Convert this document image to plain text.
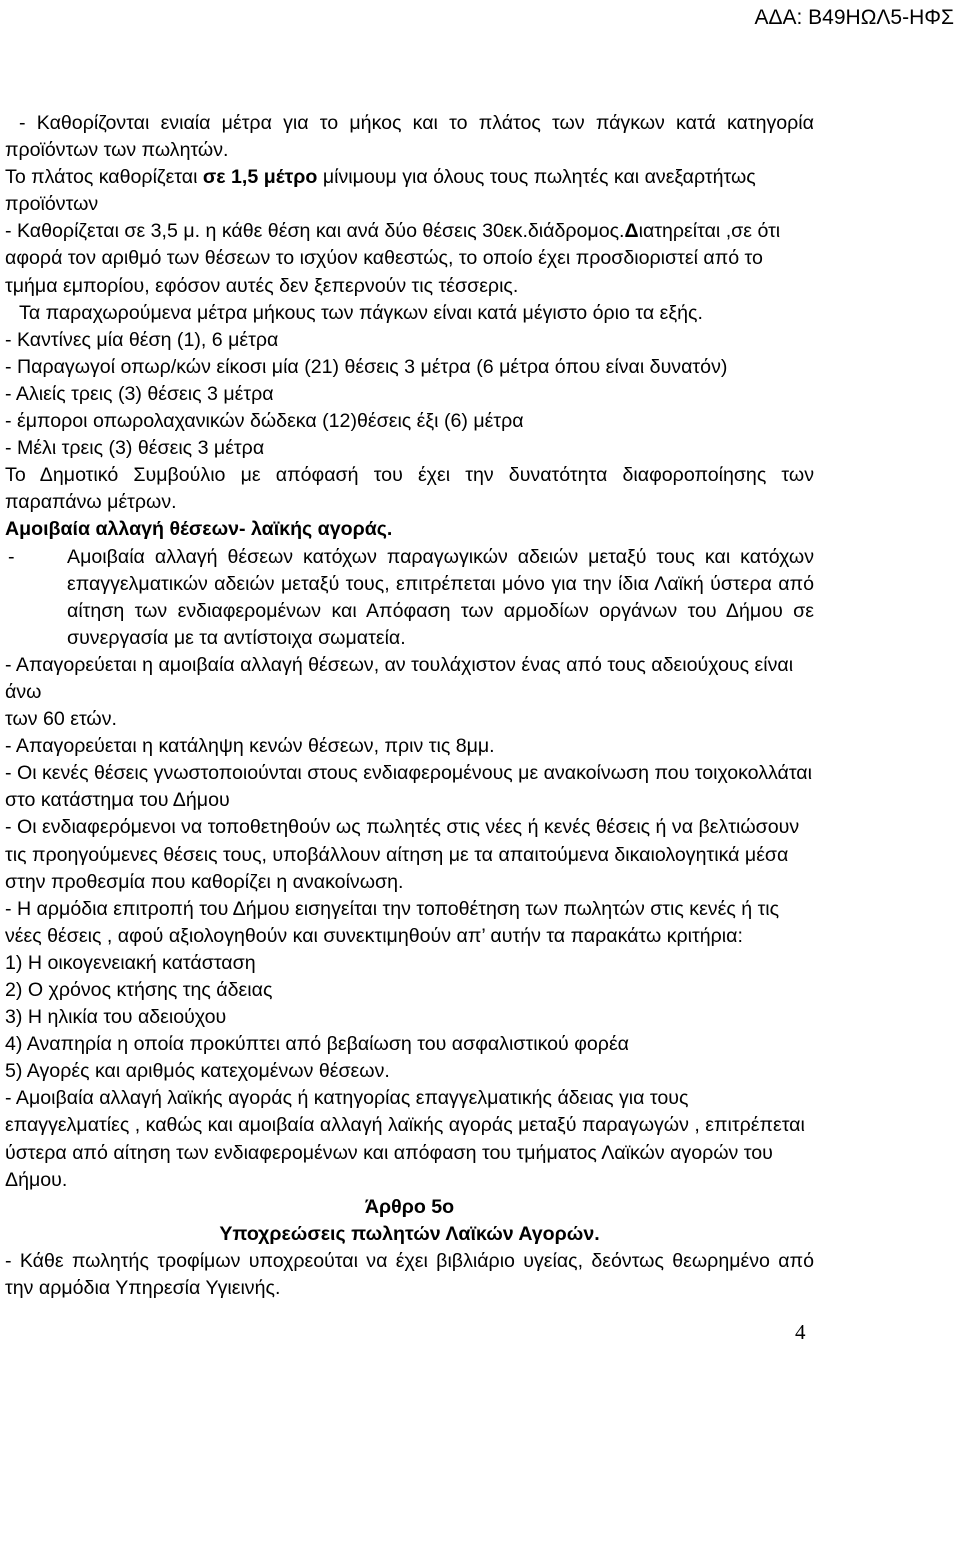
ΑΔΑ: Β49ΗΩΛ5-ΗΦΣ
- Καθορίζονται ενιαία μέτρα για το μήκος και το πλάτος των πάγκων κατά κατηγορία προϊόντων των πωλητών.
Το πλάτος καθορίζεται σε 1,5 μέτρο μίνιμουμ για όλους τους πωλητές και ανεξαρτήτως προϊόντων
- Καθορίζεται σε 3,5 μ. η κάθε θέση και ανά δύο θέσεις 30εκ.διάδρομος.Διατηρείται ,σε ότι αφορά τον αριθμό των θέσεων το ισχύον καθεστώς, το οποίο έχει προσδιοριστεί από το τμήμα εμπορίου, εφόσον αυτές δεν ξεπερνούν τις τέσσερις.
Τα παραχωρούμενα μέτρα μήκους των πάγκων είναι κατά μέγιστο όριο τα εξής.
- Καντίνες μία θέση (1), 6 μέτρα
- Παραγωγοί οπωρ/κών είκοσι μία (21) θέσεις 3 μέτρα (6 μέτρα όπου είναι δυνατόν)
- Αλιείς τρεις (3) θέσεις 3 μέτρα
- έμποροι οπωρολαχανικών δώδεκα (12)θέσεις έξι (6) μέτρα
- Μέλι τρεις (3) θέσεις 3 μέτρα
Το Δημοτικό Συμβούλιο με απόφασή του έχει την δυνατότητα διαφοροποίησης των παραπάνω μέτρων.
Αμοιβαία αλλαγή θέσεων- λαϊκής αγοράς.
-	Αμοιβαία αλλαγή θέσεων κατόχων παραγωγικών αδειών μεταξύ τους και κατόχων επαγγελματικών αδειών μεταξύ τους, επιτρέπεται μόνο για την ίδια Λαϊκή ύστερα από αίτηση των ενδιαφερομένων και Απόφαση των αρμοδίων οργάνων του Δήμου σε συνεργασία με τα αντίστοιχα σωματεία.
- Απαγορεύεται η αμοιβαία αλλαγή θέσεων, αν τουλάχιστον ένας από τους αδειούχους είναι άνω
των 60 ετών.
- Απαγορεύεται η κατάληψη κενών θέσεων, πριν τις 8μμ.
- Οι κενές θέσεις γνωστοποιούνται στους ενδιαφερομένους με ανακοίνωση που τοιχοκολλάται στο κατάστημα του Δήμου
- Οι ενδιαφερόμενοι να τοποθετηθούν ως πωλητές στις νέες ή κενές θέσεις ή να βελτιώσουν τις προηγούμενες θέσεις τους, υποβάλλουν αίτηση με τα απαιτούμενα δικαιολογητικά μέσα στην προθεσμία που καθορίζει η ανακοίνωση.
- Η αρμόδια επιτροπή του Δήμου εισηγείται την τοποθέτηση των πωλητών στις κενές ή τις νέες θέσεις , αφού αξιολογηθούν και συνεκτιμηθούν απ’ αυτήν τα παρακάτω κριτήρια:
1) Η οικογενειακή κατάσταση
2) Ο χρόνος κτήσης της άδειας
3) Η ηλικία του αδειούχου
4) Αναπηρία η οποία προκύπτει από βεβαίωση του ασφαλιστικού φορέα
5) Αγορές και αριθμός κατεχομένων θέσεων.
- Αμοιβαία αλλαγή λαϊκής αγοράς ή κατηγορίας επαγγελματικής άδειας για τους επαγγελματίες , καθώς και αμοιβαία αλλαγή λαϊκής αγοράς μεταξύ παραγωγών , επιτρέπεται ύστερα από αίτηση των ενδιαφερομένων και απόφαση του τμήματος Λαϊκών αγορών του Δήμου.
Άρθρο 5ο
Υποχρεώσεις πωλητών Λαϊκών Αγορών.
- Κάθε πωλητής τροφίμων υποχρεούται να έχει βιβλιάριο υγείας, δεόντως θεωρημένο από την αρμόδια Υπηρεσία Υγιεινής.
4
